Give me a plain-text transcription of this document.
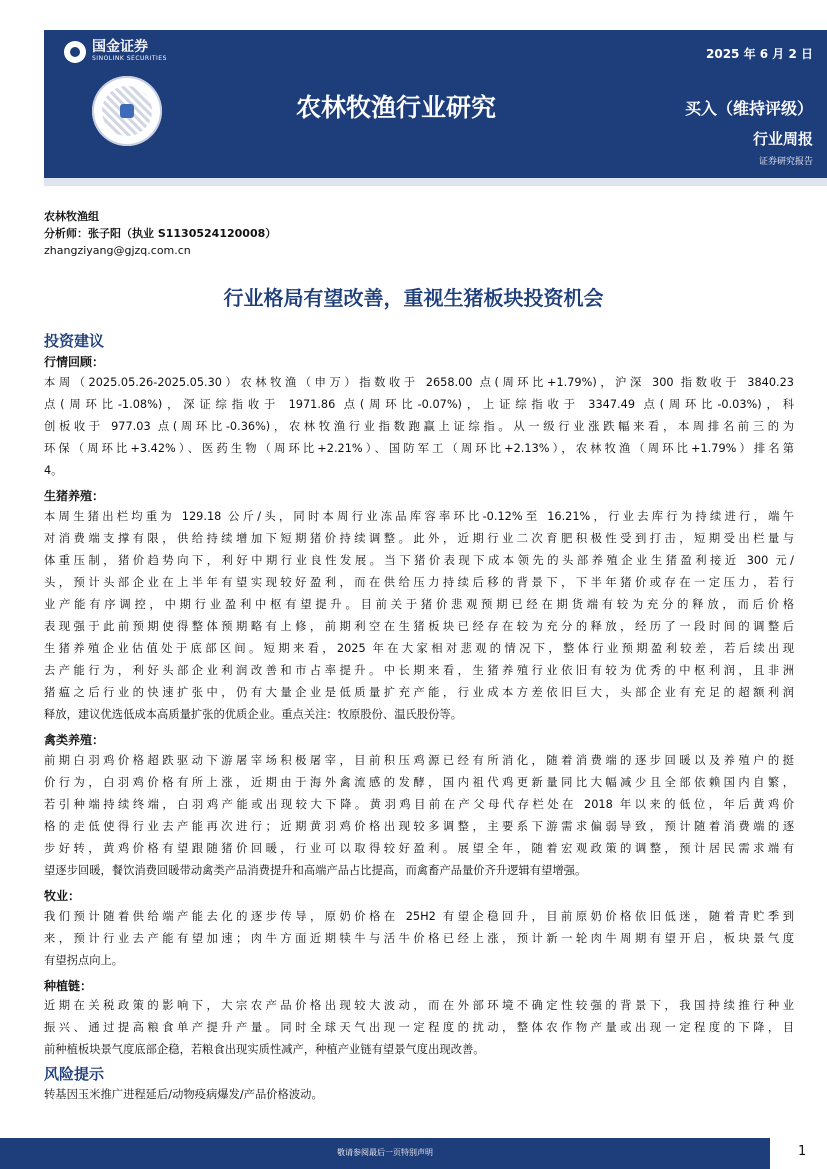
国金证券
SINOLINK SECURITIES
农林牧渔行业研究
2025 年 6 月 2 日
买入（维持评级）
行业周报
证券研究报告
农林牧渔组
分析师：张子阳（执业 S1130524120008）
zhangziyang@gjzq.com.cn
行业格局有望改善，重视生猪板块投资机会
投资建议
行情回顾：
本周（2025.05.26-2025.05.30）农林牧渔（申万）指数收于 2658.00 点(周环比+1.79%)，沪深 300 指数收于 3840.23
点(周环比-1.08%)，深证综指收于 1971.86 点(周环比-0.07%)，上证综指收于 3347.49 点(周环比-0.03%)，科
创板收于 977.03 点(周环比-0.36%)，农林牧渔行业指数跑赢上证综指。从一级行业涨跌幅来看，本周排名前三的为
环保（周环比+3.42%）、医药生物（周环比+2.21%）、国防军工（周环比+2.13%），农林牧渔（周环比+1.79%）排名第
4。
生猪养殖：
本周生猪出栏均重为 129.18 公斤/头，同时本周行业冻品库容率环比-0.12%至 16.21%，行业去库行为持续进行，端午
对消费端支撑有限，供给持续增加下短期猪价持续调整。此外，近期行业二次育肥积极性受到打击，短期受出栏量与
体重压制，猪价趋势向下，利好中期行业良性发展。当下猪价表现下成本领先的头部养殖企业生猪盈利接近 300 元/
头，预计头部企业在上半年有望实现较好盈利，而在供给压力持续后移的背景下，下半年猪价或存在一定压力，若行
业产能有序调控，中期行业盈利中枢有望提升。目前关于猪价悲观预期已经在期货端有较为充分的释放，而后价格
表现强于此前预期使得整体预期略有上修，前期利空在生猪板块已经存在较为充分的释放，经历了一段时间的调整后
生猪养殖企业估值处于底部区间。短期来看，2025 年在大家相对悲观的情况下，整体行业预期盈利较差，若后续出现
去产能行为，利好头部企业利润改善和市占率提升。中长期来看，生猪养殖行业依旧有较为优秀的中枢利润，且非洲
猪瘟之后行业的快速扩张中，仍有大量企业是低质量扩充产能，行业成本方差依旧巨大，头部企业有充足的超额利润
释放，建议优选低成本高质量扩张的优质企业。重点关注：牧原股份、温氏股份等。
禽类养殖：
前期白羽鸡价格超跌驱动下游屠宰场积极屠宰，目前积压鸡源已经有所消化，随着消费端的逐步回暖以及养殖户的挺
价行为，白羽鸡价格有所上涨，近期由于海外禽流感的发酵，国内祖代鸡更新量同比大幅减少且全部依赖国内自繁，
若引种端持续终端，白羽鸡产能或出现较大下降。黄羽鸡目前在产父母代存栏处在 2018 年以来的低位，年后黄鸡价
格的走低使得行业去产能再次进行；近期黄羽鸡价格出现较多调整，主要系下游需求偏弱导致，预计随着消费端的逐
步好转，黄鸡价格有望跟随猪价回暖，行业可以取得较好盈利。展望全年，随着宏观政策的调整，预计居民需求端有
望逐步回暖，餐饮消费回暖带动禽类产品消费提升和高端产品占比提高，而禽畜产品量价齐升逻辑有望增强。
牧业：
我们预计随着供给端产能去化的逐步传导，原奶价格在 25H2 有望企稳回升，目前原奶价格依旧低迷，随着青贮季到
来，预计行业去产能有望加速；肉牛方面近期犊牛与活牛价格已经上涨，预计新一轮肉牛周期有望开启，板块景气度
有望拐点向上。
种植链：
近期在关税政策的影响下，大宗农产品价格出现较大波动，而在外部环境不确定性较强的背景下，我国持续推行种业
振兴、通过提高粮食单产提升产量。同时全球天气出现一定程度的扰动，整体农作物产量或出现一定程度的下降，目
前种植板块景气度底部企稳，若粮食出现实质性减产，种植产业链有望景气度出现改善。
风险提示
转基因玉米推广进程延后/动物疫病爆发/产品价格波动。
敬请参阅最后一页特别声明	1
